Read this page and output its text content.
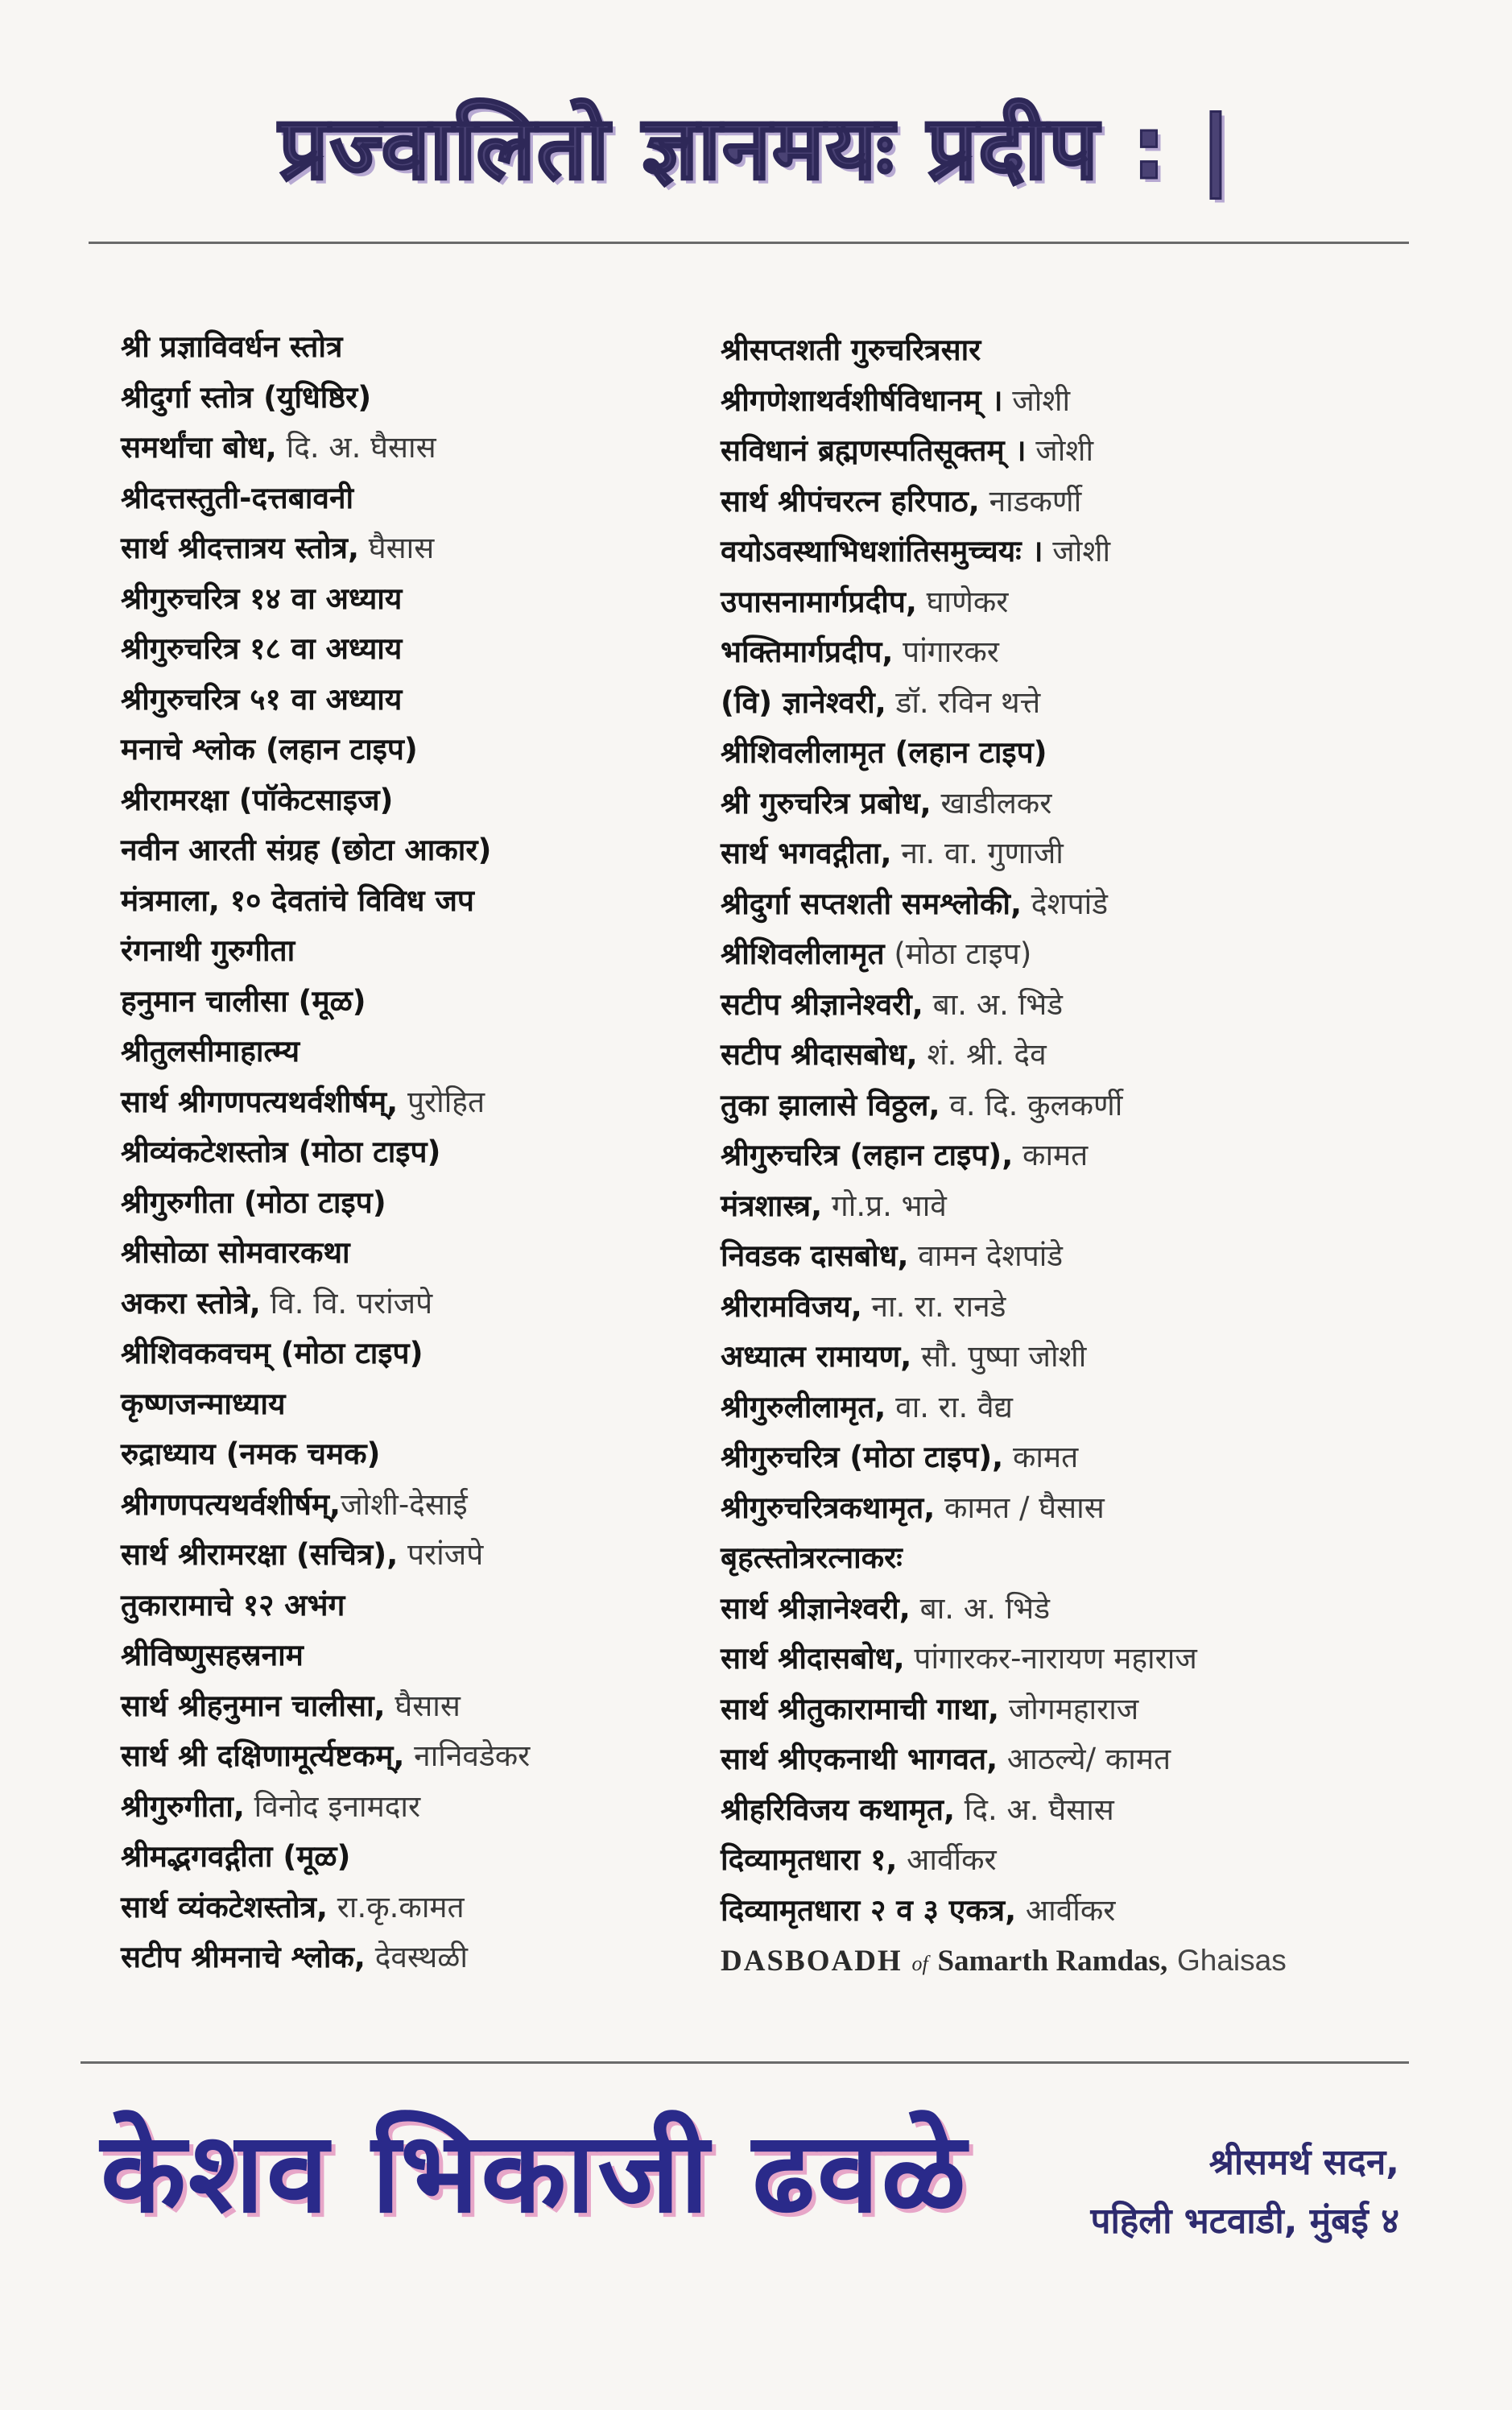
प्रज्वालितो ज्ञानमयः प्रदीप : |
श्री प्रज्ञाविवर्धन स्तोत्र
श्रीदुर्गा स्तोत्र (युधिष्ठिर)
समर्थांचा बोध, दि. अ. घैसास
श्रीदत्तस्तुती-दत्तबावनी
सार्थ श्रीदत्तात्रय स्तोत्र, घैसास
श्रीगुरुचरित्र १४ वा अध्याय
श्रीगुरुचरित्र १८ वा अध्याय
श्रीगुरुचरित्र ५१ वा अध्याय
मनाचे श्लोक (लहान टाइप)
श्रीरामरक्षा (पॉकेटसाइज)
नवीन आरती संग्रह (छोटा आकार)
मंत्रमाला, १० देवतांचे विविध जप
रंगनाथी गुरुगीता
हनुमान चालीसा (मूळ)
श्रीतुलसीमाहात्म्य
सार्थ श्रीगणपत्यथर्वशीर्षम्, पुरोहित
श्रीव्यंकटेशस्तोत्र (मोठा टाइप)
श्रीगुरुगीता (मोठा टाइप)
श्रीसोळा सोमवारकथा
अकरा स्तोत्रे, वि. वि. परांजपे
श्रीशिवकवचम् (मोठा टाइप)
कृष्णजन्माध्याय
रुद्राध्याय (नमक चमक)
श्रीगणपत्यथर्वशीर्षम्,जोशी-देसाई
सार्थ श्रीरामरक्षा (सचित्र), परांजपे
तुकारामाचे १२ अभंग
श्रीविष्णुसहस्रनाम
सार्थ श्रीहनुमान चालीसा, घैसास
सार्थ श्री दक्षिणामूर्त्यष्टकम्, नानिवडेकर
श्रीगुरुगीता, विनोद इनामदार
श्रीमद्भगवद्गीता (मूळ)
सार्थ व्यंकटेशस्तोत्र, रा.कृ.कामत
सटीप श्रीमनाचे श्लोक, देवस्थळी
श्रीसप्तशती गुरुचरित्रसार
श्रीगणेशाथर्वशीर्षविधानम् । जोशी
सविधानं ब्रह्मणस्पतिसूक्तम् । जोशी
सार्थ श्रीपंचरत्न हरिपाठ, नाडकर्णी
वयोऽवस्थाभिधशांतिसमुच्चयः । जोशी
उपासनामार्गप्रदीप, घाणेकर
भक्तिमार्गप्रदीप, पांगारकर
(वि) ज्ञानेश्वरी, डॉ. रविन थत्ते
श्रीशिवलीलामृत (लहान टाइप)
श्री गुरुचरित्र प्रबोध, खाडीलकर
सार्थ भगवद्गीता, ना. वा. गुणाजी
श्रीदुर्गा सप्तशती समश्लोकी, देशपांडे
श्रीशिवलीलामृत (मोठा टाइप)
सटीप श्रीज्ञानेश्वरी, बा. अ. भिडे
सटीप श्रीदासबोध, शं. श्री. देव
तुका झालासे विठ्ठल, व. दि. कुलकर्णी
श्रीगुरुचरित्र (लहान टाइप), कामत
मंत्रशास्त्र, गो.प्र. भावे
निवडक दासबोध, वामन देशपांडे
श्रीरामविजय, ना. रा. रानडे
अध्यात्म रामायण, सौ. पुष्पा जोशी
श्रीगुरुलीलामृत, वा. रा. वैद्य
श्रीगुरुचरित्र (मोठा टाइप), कामत
श्रीगुरुचरित्रकथामृत, कामत / घैसास
बृहत्स्तोत्ररत्नाकरः
सार्थ श्रीज्ञानेश्वरी, बा. अ. भिडे
सार्थ श्रीदासबोध, पांगारकर-नारायण महाराज
सार्थ श्रीतुकारामाची गाथा, जोगमहाराज
सार्थ श्रीएकनाथी भागवत, आठल्ये/ कामत
श्रीहरिविजय कथामृत, दि. अ. घैसास
दिव्यामृतधारा १, आर्वीकर
दिव्यामृतधारा २ व ३ एकत्र, आर्वीकर
DASBOADH of Samarth Ramdas, Ghaisas
केशव भिकाजी ढवळे	श्रीसमर्थ सदन,
पहिली भटवाडी, मुंबई ४
